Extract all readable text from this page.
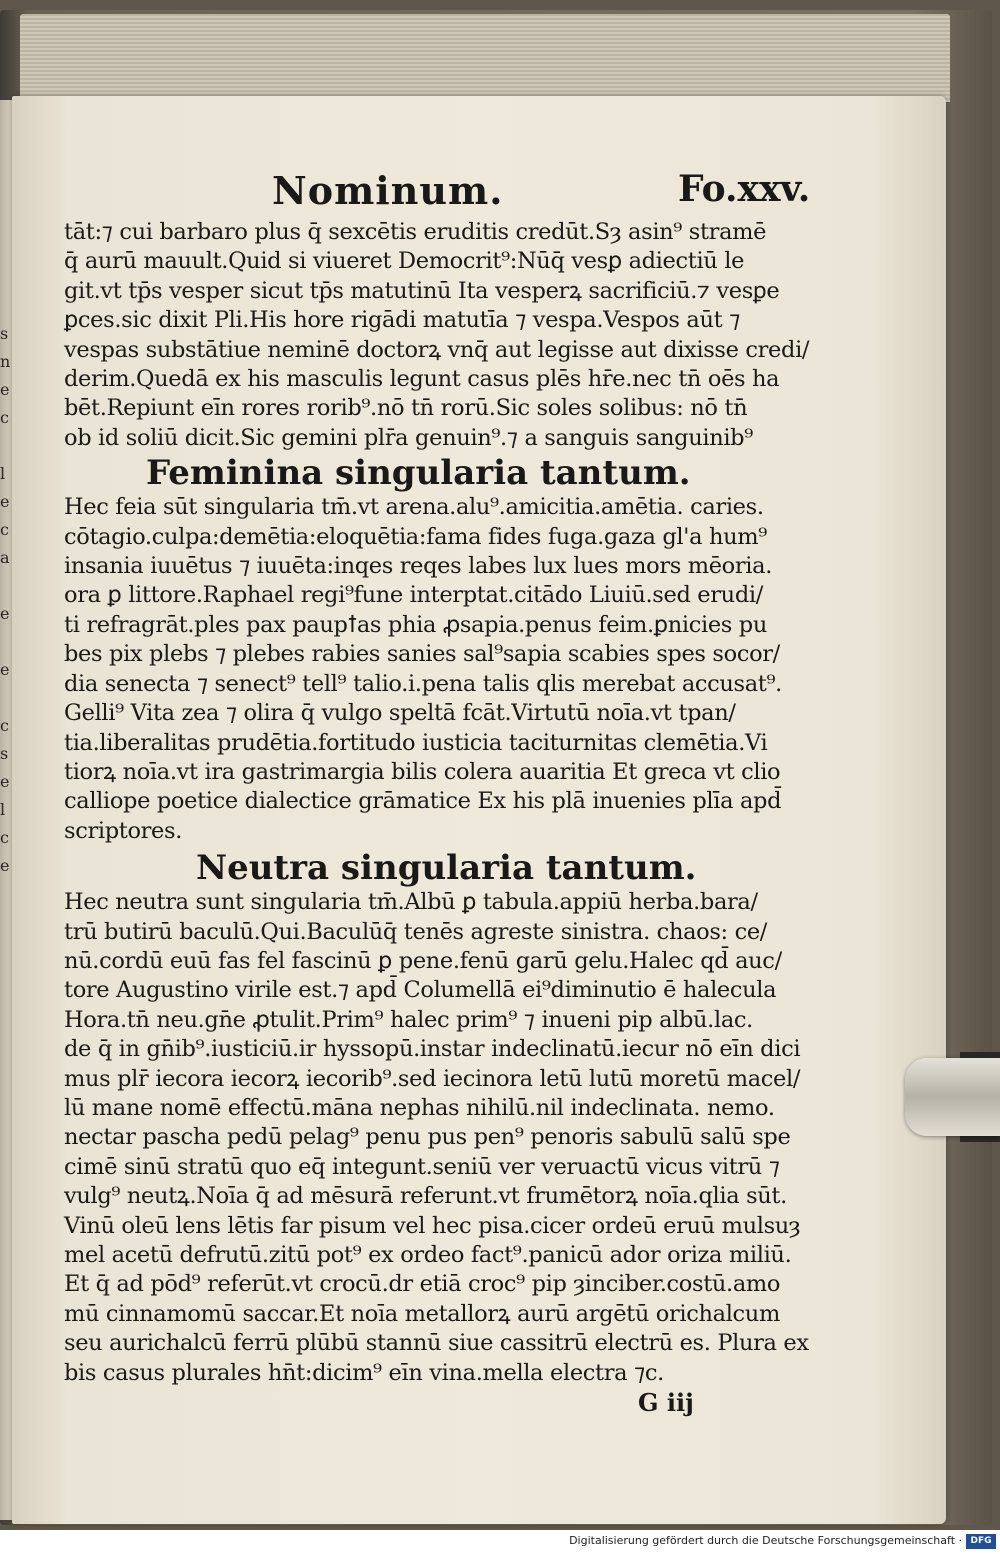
s
n
e
c

l
e
c
a

e

e

c
s
e
l
c
e
Nominum.	Fo.xxv.
tāt:⁊ cui barbaro plus q̄ sexcētis eruditis credūt.Sȝ asin⁹ stramē
q̄ aurū mauult.Quid si viueret Democrit⁹:Nūq̄ vesꝑ adiectiū le
git.vt tp̄s vesper sicut tp̄s matutinū Ita vesperꝝ sacrificiū.⁊ vesꝑe
ꝑces.sic dixit Pli.His hore rigādi matutīa ⁊ vespa.Vespos aūt ⁊
vespas substātiue neminē doctorꝝ vnq̄ aut legisse aut dixisse credi/
derim.Quedā ex his masculis legunt casus plēs hr̄e.nec tn̄ oēs ha
bēt.Repiunt eīn rores rorib⁹.nō tn̄ rorū.Sic soles solibus: nō tn̄
ob id soliū dicit.Sic gemini plr̄a genuin⁹.⁊ a sanguis sanguinib⁹
Feminina singularia tantum.
Hec feia sūt singularia tm̄.vt arena.alu⁹.amicitia.amētia. caries.
cōtagio.culpa:demētia:eloquētia:fama fides fuga.gaza gl'a hum⁹
insania iuuētus ⁊ iuuēta:inqes reqes labes lux lues mors mēoria.
ora ꝑ littore.Raphael regi⁹fune interptat.citādo Liuiū.sed erudi/
ti refragrāt.ples pax paupꝉas phia ꝓsapia.penus feim.ꝑnicies pu
bes pix plebs ⁊ plebes rabies sanies sal⁹sapia scabies spes socor/
dia senecta ⁊ senect⁹ tell⁹ talio.i.pena talis qlis merebat accusat⁹.
Gelli⁹ Vita zea ⁊ olira q̄ vulgo speltā fcāt.Virtutū noīa.vt tpan/
tia.liberalitas prudētia.fortitudo iusticia taciturnitas clemētia.Vi
tiorꝝ noīa.vt ira gastrimargia bilis colera auaritia Et greca vt clio
calliope poetice dialectice grāmatice Ex his plā inuenies plīa apd̄
scriptores.
Neutra singularia tantum.
Hec neutra sunt singularia tm̄.Albū ꝑ tabula.appiū herba.bara/
trū butirū baculū.Qui.Baculūq̄ tenēs agreste sinistra. chaos: ce/
nū.cordū euū fas fel fascinū ꝑ pene.fenū garū gelu.Halec qd̄ auc/
tore Augustino virile est.⁊ apd̄ Columellā ei⁹diminutio ē halecula
Hora.tn̄ neu.gn̄e ꝓtulit.Prim⁹ halec prim⁹ ⁊ inueni pip albū.lac.
de q̄ in gn̄ib⁹.iusticiū.ir hyssopū.instar indeclinatū.iecur nō eīn dici
mus plr̄ iecora iecorꝝ iecorib⁹.sed iecinora letū lutū moretū macel/
lū mane nomē effectū.māna nephas nihilū.nil indeclinata. nemo.
nectar pascha pedū pelag⁹ penu pus pen⁹ penoris sabulū salū spe
cimē sinū stratū quo eq̄ integunt.seniū ver veruactū vicus vitrū ⁊
vulg⁹ neutꝝ.Noīa q̄ ad mēsurā referunt.vt frumētorꝝ noīa.qlia sūt.
Vinū oleū lens lētis far pisum vel hec pisa.cicer ordeū eruū mulsuȝ
mel acetū defrutū.zitū pot⁹ ex ordeo fact⁹.panicū ador oriza miliū.
Et q̄ ad pōd⁹ referūt.vt crocū.dr etiā croc⁹ pip ȝinciber.costū.amo
mū cinnamomū saccar.Et noīa metallorꝝ aurū argētū orichalcum
seu aurichalcū ferrū plūbū stannū siue cassitrū electrū es. Plura ex
bis casus plurales hn̄t:dicim⁹ eīn vina.mella electra ⁊c.
G iij
Digitalisierung gefördert durch die Deutsche Forschungsgemeinschaft · DFG
